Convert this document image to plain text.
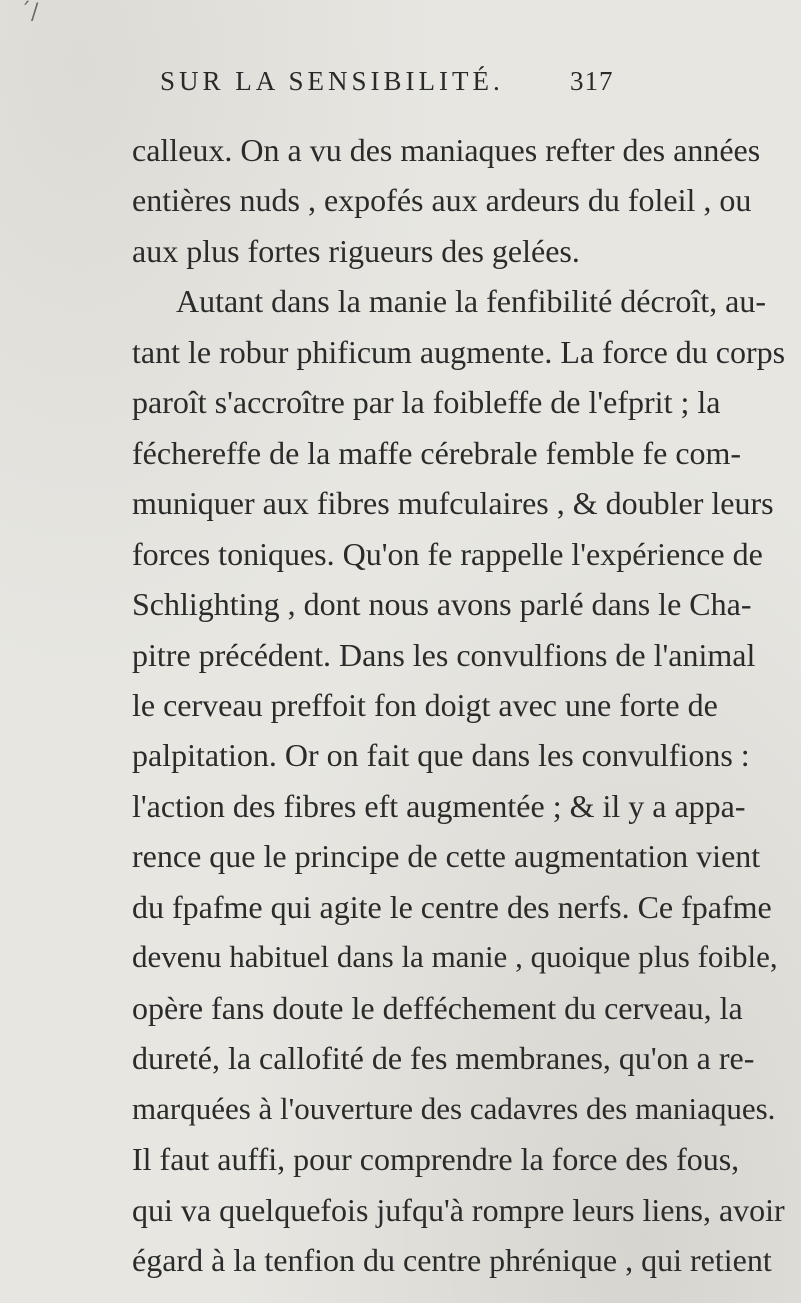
ˊ/
SUR LA SENSIBILITÉ. 317
calleux. On a vu des maniaques refter des années
entières nuds , expofés aux ardeurs du foleil , ou
aux plus fortes rigueurs des gelées.
Autant dans la manie la fenfibilité décroît, au-
tant le robur phificum augmente. La force du corps
paroît s'accroître par la foibleffe de l'efprit ; la
féchereffe de la maffe cérebrale femble fe com-
muniquer aux fibres mufculaires , & doubler leurs
forces toniques. Qu'on fe rappelle l'expérience de
Schlighting , dont nous avons parlé dans le Cha-
pitre précédent. Dans les convulfions de l'animal
le cerveau preffoit fon doigt avec une forte de
palpitation. Or on fait que dans les convulfions :
l'action des fibres eft augmentée ; & il y a appa-
rence que le principe de cette augmentation vient
du fpafme qui agite le centre des nerfs. Ce fpafme
devenu habituel dans la manie , quoique plus foible,
opère fans doute le defféchement du cerveau, la
dureté, la callofité de fes membranes, qu'on a re-
marquées à l'ouverture des cadavres des maniaques.
Il faut auffi, pour comprendre la force des fous,
qui va quelquefois jufqu'à rompre leurs liens, avoir
égard à la tenfion du centre phrénique , qui retient
